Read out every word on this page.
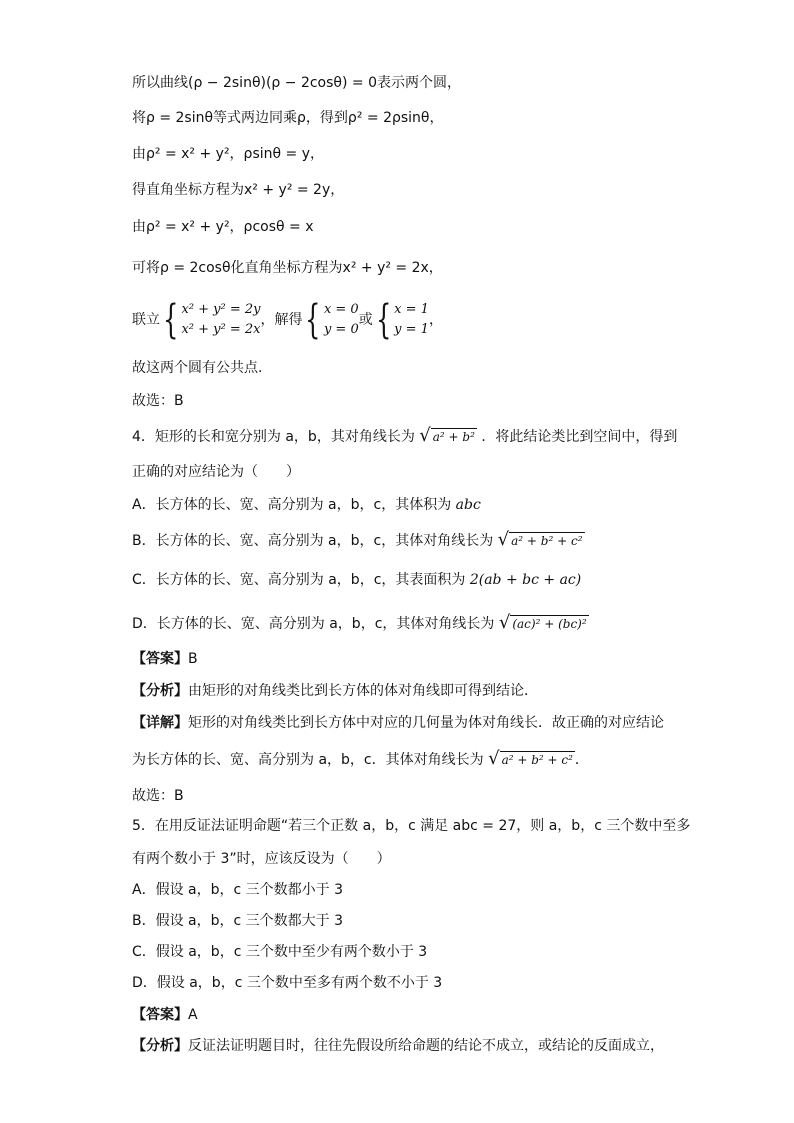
所以曲线(ρ − 2sinθ)(ρ − 2cosθ) = 0表示两个圆，
将ρ = 2sinθ等式两边同乘ρ，得到ρ² = 2ρsinθ，
由ρ² = x² + y²，ρsinθ = y，
得直角坐标方程为x² + y² = 2y，
由ρ² = x² + y²，ρcosθ = x
可将ρ = 2cosθ化直角坐标方程为x² + y² = 2x，
联立 { x² + y² = 2y
x² + y² = 2x
，解得 { x = 0
y = 0
或 { x = 1
y = 1
，
故这两个圆有公共点.
故选：B
4．矩形的长和宽分别为 a，b，其对角线长为 √ a² + b² ．将此结论类比到空间中，得到
正确的对应结论为（　　）
A．长方体的长、宽、高分别为 a，b，c，其体积为 abc
B．长方体的长、宽、高分别为 a，b，c，其体对角线长为 √ a² + b² + c²
C．长方体的长、宽、高分别为 a，b，c，其表面积为 2(ab + bc + ac)
D．长方体的长、宽、高分别为 a，b，c，其体对角线长为 √ (ac)² + (bc)²
【答案】B
【分析】由矩形的对角线类比到长方体的体对角线即可得到结论．
【详解】矩形的对角线类比到长方体中对应的几何量为体对角线长．故正确的对应结论
为长方体的长、宽、高分别为 a，b，c．其体对角线长为 √ a² + b² + c² ．
故选：B
5．在用反证法证明命题“若三个正数 a，b，c 满足 abc = 27，则 a，b，c 三个数中至多
有两个数小于 3”时，应该反设为（　　）
A．假设 a，b，c 三个数都小于 3
B．假设 a，b，c 三个数都大于 3
C．假设 a，b，c 三个数中至少有两个数小于 3
D．假设 a，b，c 三个数中至多有两个数不小于 3
【答案】A
【分析】反证法证明题目时，往往先假设所给命题的结论不成立，或结论的反面成立，
